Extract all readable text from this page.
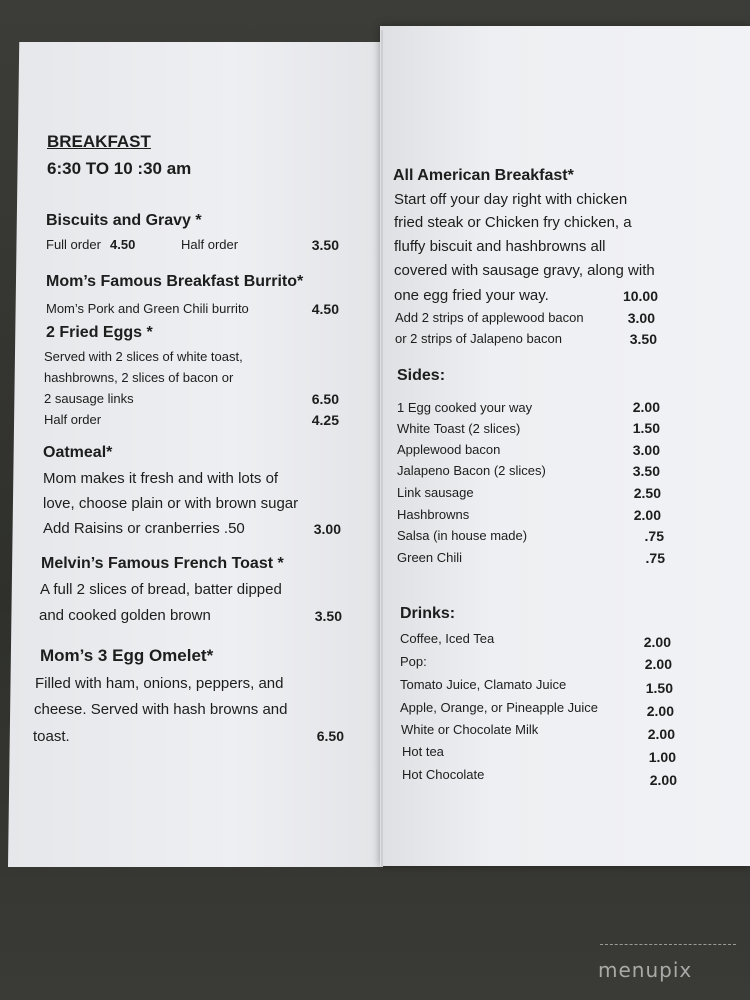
BREAKFAST
6:30 TO 10 :30 am
Biscuits and Gravy *
Full order 4.50	Half order	3.50
Mom’s Famous Breakfast Burrito*
Mom’s Pork and Green Chili burrito	4.50
2 Fried Eggs *
Served with 2 slices of white toast,
hashbrowns, 2 slices of bacon or
2 sausage links	6.50
Half order	4.25
Oatmeal*
Mom makes it fresh and with lots of
love, choose plain or with brown sugar
Add Raisins or cranberries .50	3.00
Melvin’s Famous French Toast *
A full 2 slices of bread, batter dipped
and cooked golden brown	3.50
Mom’s 3 Egg Omelet*
Filled with ham, onions, peppers, and
cheese. Served with hash browns and
toast.	6.50
All American Breakfast*
Start off your day right with chicken
fried steak or Chicken fry chicken, a
fluffy biscuit and hashbrowns all
covered with sausage gravy, along with
one egg fried your way.	10.00
Add 2 strips of applewood bacon	3.00
or 2 strips of Jalapeno bacon	3.50
Sides:
1 Egg cooked your way	2.00
White Toast (2 slices)	1.50
Applewood bacon	3.00
Jalapeno Bacon (2 slices)	3.50
Link sausage	2.50
Hashbrowns	2.00
Salsa (in house made)	.75
Green Chili	.75
Drinks:
Coffee, Iced Tea	2.00
Pop:	2.00
Tomato Juice, Clamato Juice	1.50
Apple, Orange, or Pineapple Juice	2.00
White or Chocolate Milk	2.00
Hot tea	1.00
Hot Chocolate	2.00
menupix
